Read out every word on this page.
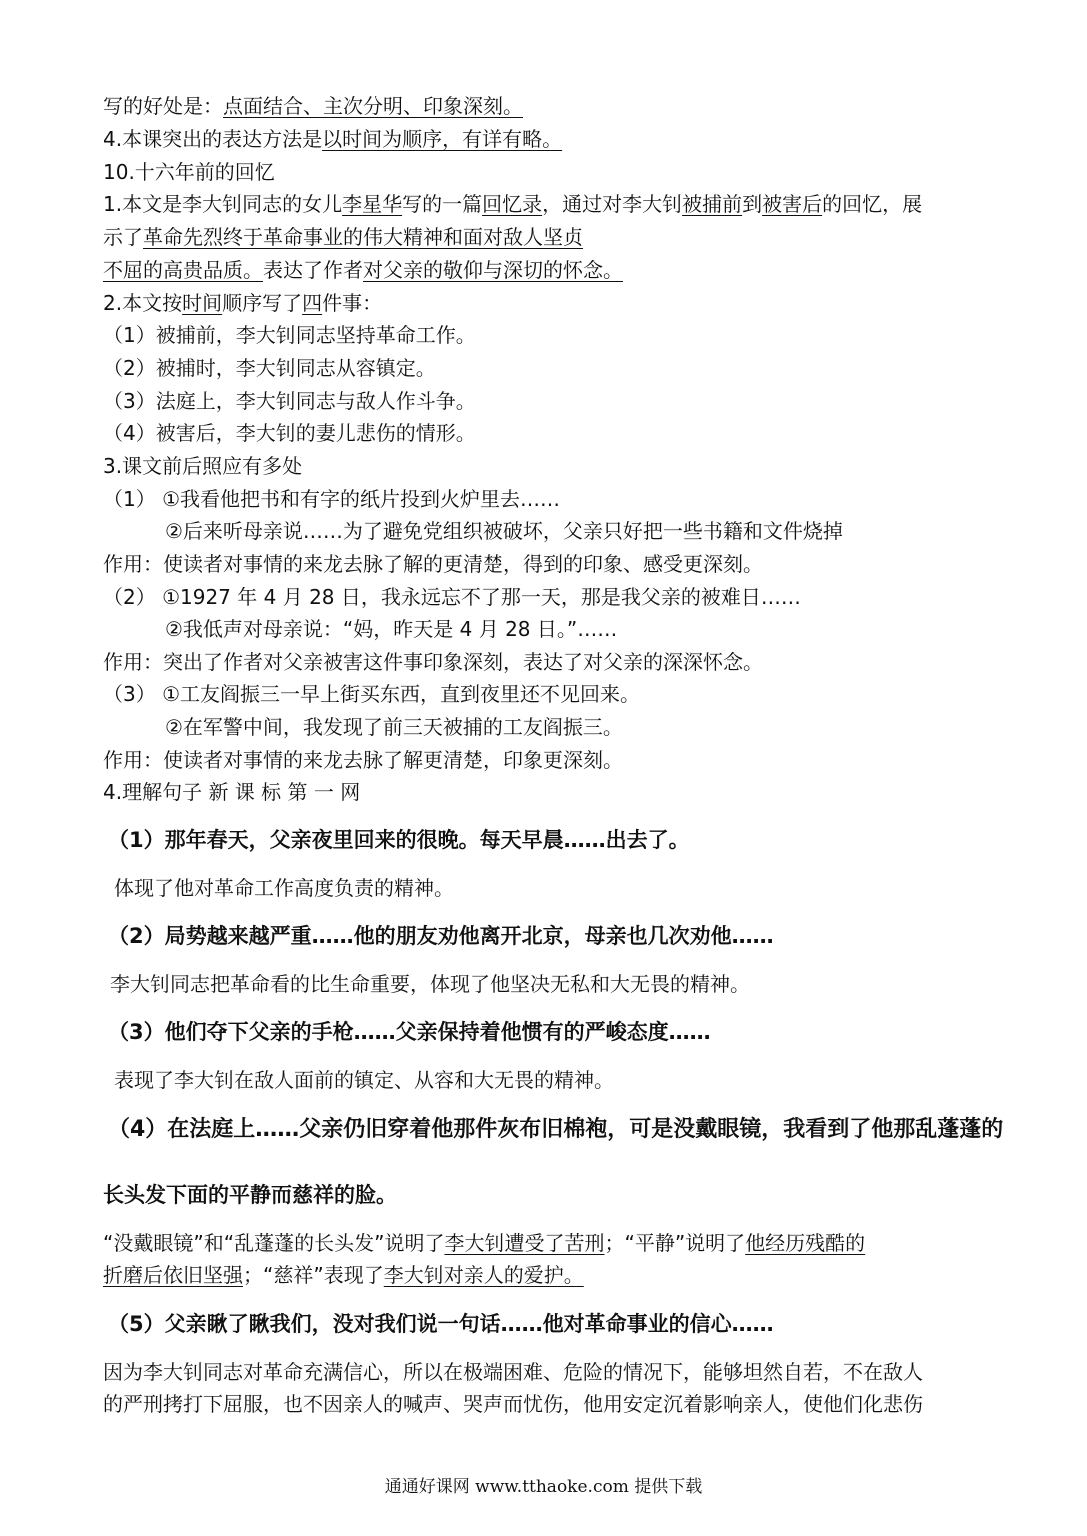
写的好处是：点面结合、主次分明、印象深刻。
4.本课突出的表达方法是以时间为顺序，有详有略。
10.十六年前的回忆
1.本文是李大钊同志的女儿李星华写的一篇回忆录，通过对李大钊被捕前到被害后的回忆，展
示了革命先烈终于革命事业的伟大精神和面对敌人坚贞
不屈的高贵品质。表达了作者对父亲的敬仰与深切的怀念。
2.本文按时间顺序写了四件事：
（1）被捕前，李大钊同志坚持革命工作。
（2）被捕时，李大钊同志从容镇定。
（3）法庭上，李大钊同志与敌人作斗争。
（4）被害后，李大钊的妻儿悲伤的情形。
3.课文前后照应有多处
（1） ①我看他把书和有字的纸片投到火炉里去……
②后来听母亲说……为了避免党组织被破坏，父亲只好把一些书籍和文件烧掉
作用：使读者对事情的来龙去脉了解的更清楚，得到的印象、感受更深刻。
（2） ①1927 年 4 月 28 日，我永远忘不了那一天，那是我父亲的被难日……
②我低声对母亲说：“妈，昨天是 4 月 28 日。”……
作用：突出了作者对父亲被害这件事印象深刻，表达了对父亲的深深怀念。
（3） ①工友阎振三一早上街买东西，直到夜里还不见回来。
②在军警中间，我发现了前三天被捕的工友阎振三。
作用：使读者对事情的来龙去脉了解更清楚，印象更深刻。
4.理解句子 新 课 标 第 一 网
（1）那年春天，父亲夜里回来的很晚。每天早晨……出去了。
体现了他对革命工作高度负责的精神。
（2）局势越来越严重……他的朋友劝他离开北京，母亲也几次劝他……
李大钊同志把革命看的比生命重要，体现了他坚决无私和大无畏的精神。
（3）他们夺下父亲的手枪……父亲保持着他惯有的严峻态度……
表现了李大钊在敌人面前的镇定、从容和大无畏的精神。
（4）在法庭上……父亲仍旧穿着他那件灰布旧棉袍，可是没戴眼镜，我看到了他那乱蓬蓬的
长头发下面的平静而慈祥的脸。
“没戴眼镜”和“乱蓬蓬的长头发”说明了李大钊遭受了苦刑；“平静”说明了他经历残酷的
折磨后依旧坚强；“慈祥”表现了李大钊对亲人的爱护。
（5）父亲瞅了瞅我们，没对我们说一句话……他对革命事业的信心……
因为李大钊同志对革命充满信心，所以在极端困难、危险的情况下，能够坦然自若，不在敌人
的严刑拷打下屈服，也不因亲人的喊声、哭声而忧伤，他用安定沉着影响亲人，使他们化悲伤
通通好课网 www.tthaoke.com 提供下载
